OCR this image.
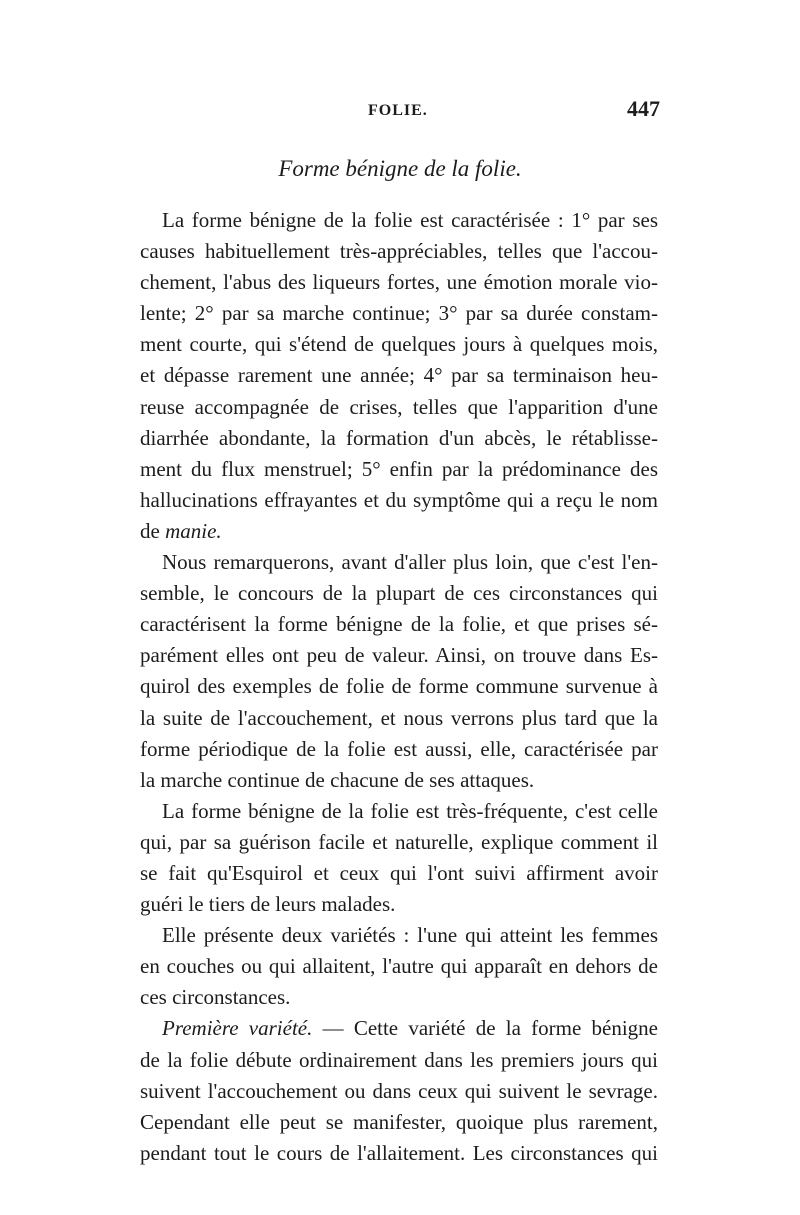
FOLIE.	447
Forme bénigne de la folie.
La forme bénigne de la folie est caractérisée : 1° par ses
causes habituellement très-appréciables, telles que l'accou-
chement, l'abus des liqueurs fortes, une émotion morale vio-
lente; 2° par sa marche continue; 3° par sa durée constam-
ment courte, qui s'étend de quelques jours à quelques mois,
et dépasse rarement une année; 4° par sa terminaison heu-
reuse accompagnée de crises, telles que l'apparition d'une
diarrhée abondante, la formation d'un abcès, le rétablisse-
ment du flux menstruel; 5° enfin par la prédominance des
hallucinations effrayantes et du symptôme qui a reçu le nom
de manie.
Nous remarquerons, avant d'aller plus loin, que c'est l'en-
semble, le concours de la plupart de ces circonstances qui
caractérisent la forme bénigne de la folie, et que prises sé-
parément elles ont peu de valeur. Ainsi, on trouve dans Es-
quirol des exemples de folie de forme commune survenue à
la suite de l'accouchement, et nous verrons plus tard que la
forme périodique de la folie est aussi, elle, caractérisée par
la marche continue de chacune de ses attaques.
La forme bénigne de la folie est très-fréquente, c'est celle
qui, par sa guérison facile et naturelle, explique comment il
se fait qu'Esquirol et ceux qui l'ont suivi affirment avoir
guéri le tiers de leurs malades.
Elle présente deux variétés : l'une qui atteint les femmes
en couches ou qui allaitent, l'autre qui apparaît en dehors de
ces circonstances.
Première variété. — Cette variété de la forme bénigne
de la folie débute ordinairement dans les premiers jours qui
suivent l'accouchement ou dans ceux qui suivent le sevrage.
Cependant elle peut se manifester, quoique plus rarement,
pendant tout le cours de l'allaitement. Les circonstances qui
